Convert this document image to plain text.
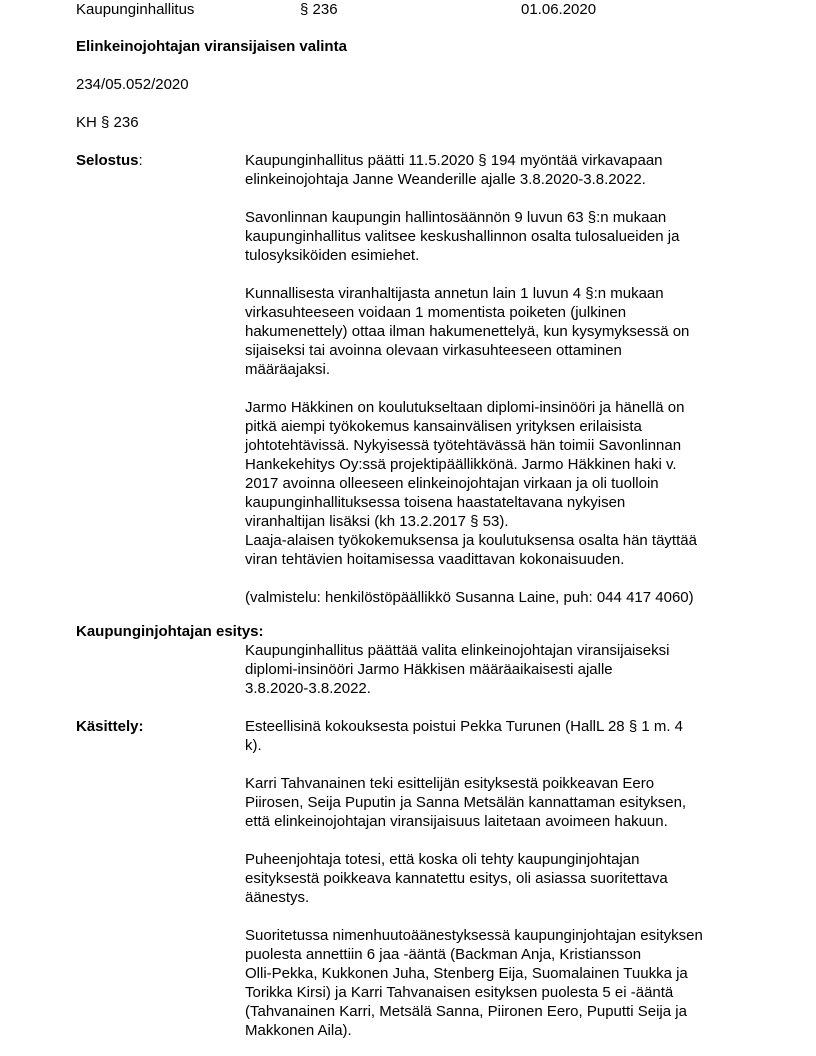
Kaupunginhallitus	§ 236	01.06.2020
Elinkeinojohtajan viransijaisen valinta
234/05.052/2020
KH § 236
Selostus:	Kaupunginhallitus päätti 11.5.2020 § 194 myöntää virkavapaan
elinkeinojohtaja Janne Weanderille ajalle 3.8.2020-3.8.2022.
Savonlinnan kaupungin hallintosäännön 9 luvun 63 §:n mukaan
kaupunginhallitus valitsee keskushallinnon osalta tulosalueiden ja
tulosyksiköiden esimiehet.
Kunnallisesta viranhaltijasta annetun lain 1 luvun 4 §:n mukaan
virkasuhteeseen voidaan 1 momentista poiketen (julkinen
hakumenettely) ottaa ilman hakumenettelyä, kun kysymyksessä on
sijaiseksi tai avoinna olevaan virkasuhteeseen ottaminen
määräajaksi.
Jarmo Häkkinen on koulutukseltaan diplomi-insinööri ja hänellä on
pitkä aiempi työkokemus kansainvälisen yrityksen erilaisista
johtotehtävissä. Nykyisessä työtehtävässä hän toimii Savonlinnan
Hankekehitys Oy:ssä projektipäällikkönä. Jarmo Häkkinen haki v.
2017 avoinna olleeseen elinkeinojohtajan virkaan ja oli tuolloin
kaupunginhallituksessa toisena haastateltavana nykyisen
viranhaltijan lisäksi (kh 13.2.2017 § 53).
Laaja-alaisen työkokemuksensa ja koulutuksensa osalta hän täyttää
viran tehtävien hoitamisessa vaadittavan kokonaisuuden.
(valmistelu: henkilöstöpäällikkö Susanna Laine, puh: 044 417 4060)
Kaupunginjohtajan esitys:
Kaupunginhallitus päättää valita elinkeinojohtajan viransijaiseksi
diplomi-insinööri Jarmo Häkkisen määräaikaisesti ajalle
3.8.2020-3.8.2022.
Käsittely:	Esteellisinä kokouksesta poistui Pekka Turunen (HallL 28 § 1 m. 4
k).
Karri Tahvanainen teki esittelijän esityksestä poikkeavan Eero
Piirosen, Seija Puputin ja Sanna Metsälän kannattaman esityksen,
että elinkeinojohtajan viransijaisuus laitetaan avoimeen hakuun.
Puheenjohtaja totesi, että koska oli tehty kaupunginjohtajan
esityksestä poikkeava kannatettu esitys, oli asiassa suoritettava
äänestys.
Suoritetussa nimenhuutoäänestyksessä kaupunginjohtajan esityksen
puolesta annettiin 6 jaa -ääntä (Backman Anja, Kristiansson
Olli-Pekka, Kukkonen Juha, Stenberg Eija, Suomalainen Tuukka ja
Torikka Kirsi) ja Karri Tahvanaisen esityksen puolesta 5 ei -ääntä
(Tahvanainen Karri, Metsälä Sanna, Piironen Eero, Puputti Seija ja
Makkonen Aila).
